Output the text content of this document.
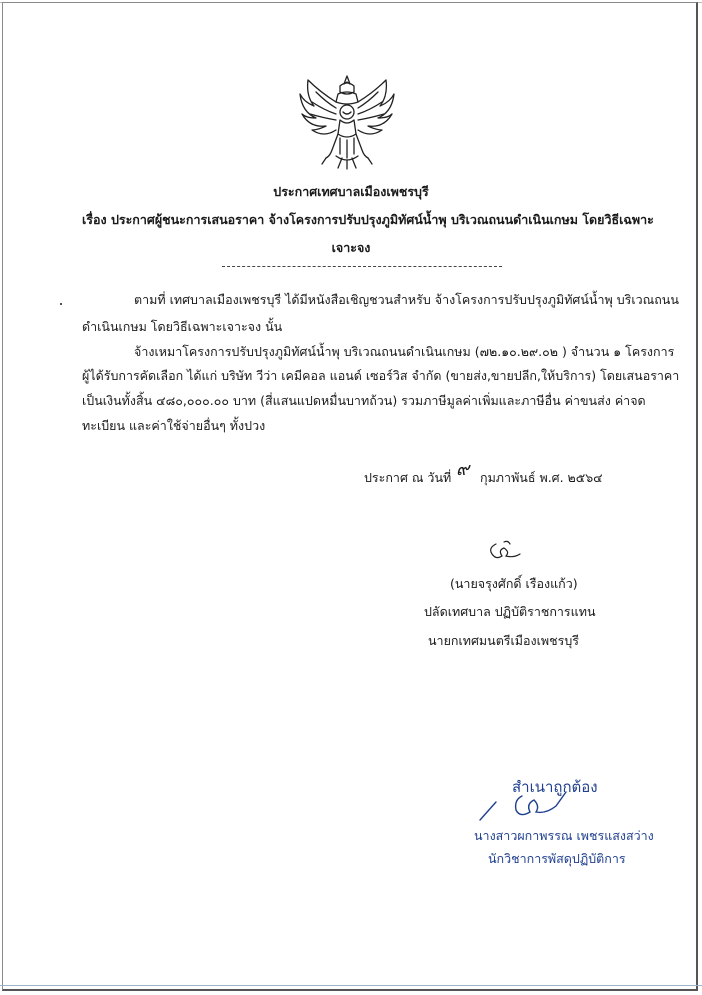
ประกาศเทศบาลเมืองเพชรบุรี
เรื่อง ประกาศผู้ชนะการเสนอราคา จ้างโครงการปรับปรุงภูมิทัศน์น้ำพุ บริเวณถนนดำเนินเกษม โดยวิธีเฉพาะ
เจาะจง
ตามที่ เทศบาลเมืองเพชรบุรี ได้มีหนังสือเชิญชวนสำหรับ จ้างโครงการปรับปรุงภูมิทัศน์น้ำพุ บริเวณถนน
ดำเนินเกษม โดยวิธีเฉพาะเจาะจง นั้น
จ้างเหมาโครงการปรับปรุงภูมิทัศน์น้ำพุ บริเวณถนนดำเนินเกษม (๗๒.๑๐.๒๙.๐๒ ) จำนวน ๑ โครงการ
ผู้ได้รับการคัดเลือก ได้แก่ บริษัท วีว่า เคมีคอล แอนด์ เซอร์วิส จำกัด (ขายส่ง,ขายปลีก,ให้บริการ) โดยเสนอราคา
เป็นเงินทั้งสิ้น ๔๘๐,๐๐๐.๐๐ บาท (สี่แสนแปดหมื่นบาทถ้วน) รวมภาษีมูลค่าเพิ่มและภาษีอื่น ค่าขนส่ง ค่าจด
ทะเบียน และค่าใช้จ่ายอื่นๆ ทั้งปวง
ประกาศ ณ วันที่ ๙ กุมภาพันธ์ พ.ศ. ๒๕๖๔
(นายจรุงศักดิ์ เรืองแก้ว)
ปลัดเทศบาล ปฏิบัติราชการแทน
นายกเทศมนตรีเมืองเพชรบุรี
สำเนาถูกต้อง
นางสาวผกาพรรณ เพชรแสงสว่าง
นักวิชาการพัสดุปฏิบัติการ
